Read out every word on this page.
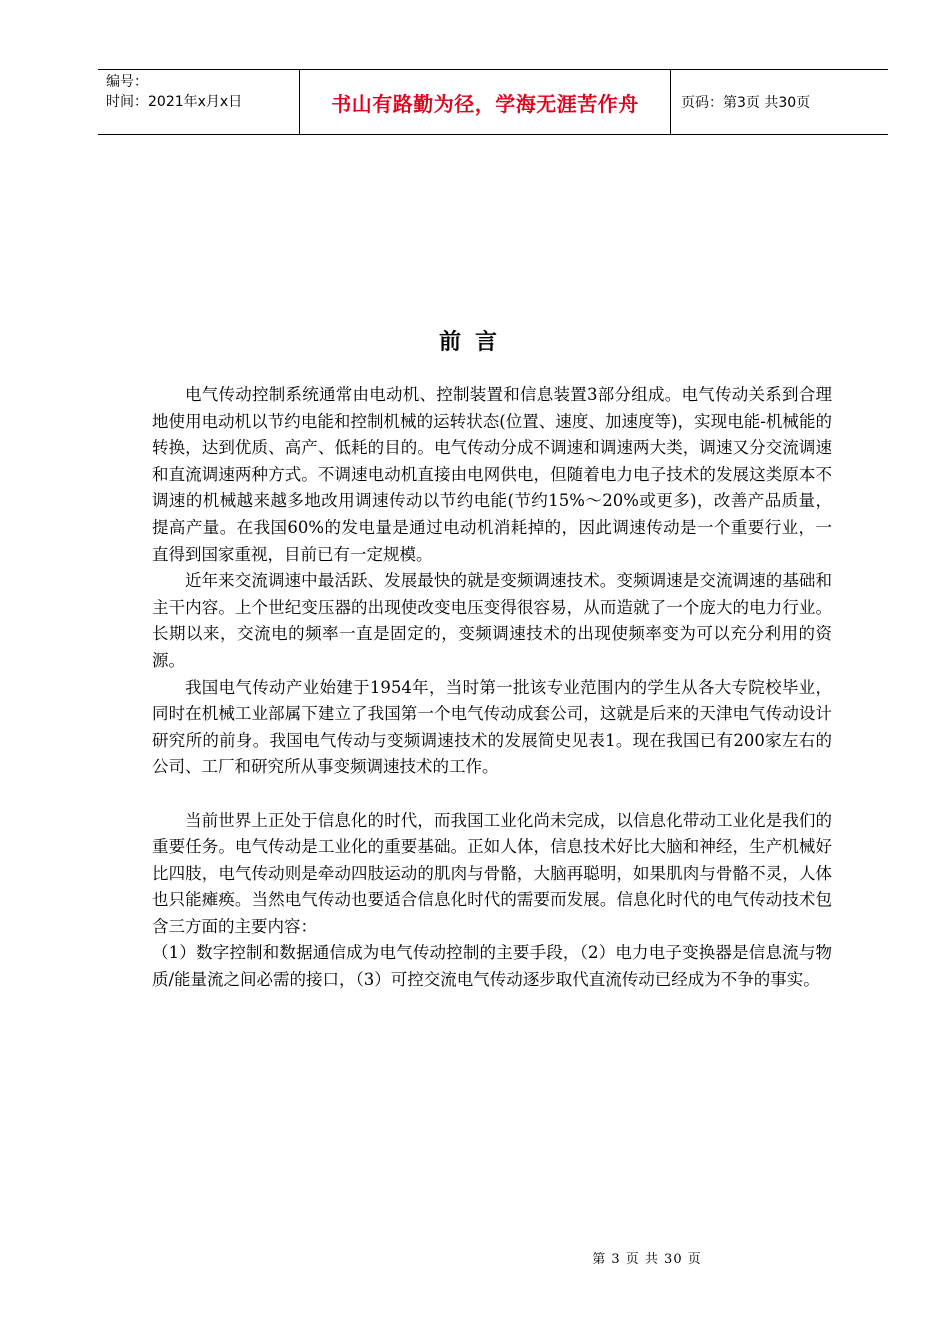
编号：
时间：2021年x月x日	书山有路勤为径，学海无涯苦作舟	页码：第3页 共30页
前言

电气传动控制系统通常由电动机、控制装置和信息装置3部分组成。电气传动关系到合理地使用电动机以节约电能和控制机械的运转状态(位置、速度、加速度等)，实现电能-机械能的转换，达到优质、高产、低耗的目的。电气传动分成不调速和调速两大类，调速又分交流调速和直流调速两种方式。不调速电动机直接由电网供电，但随着电力电子技术的发展这类原本不调速的机械越来越多地改用调速传动以节约电能(节约15%～20%或更多)，改善产品质量，提高产量。在我国60%的发电量是通过电动机消耗掉的，因此调速传动是一个重要行业，一直得到国家重视，目前已有一定规模。

近年来交流调速中最活跃、发展最快的就是变频调速技术。变频调速是交流调速的基础和主干内容。上个世纪变压器的出现使改变电压变得很容易，从而造就了一个庞大的电力行业。长期以来，交流电的频率一直是固定的，变频调速技术的出现使频率变为可以充分利用的资源。

我国电气传动产业始建于1954年，当时第一批该专业范围内的学生从各大专院校毕业，同时在机械工业部属下建立了我国第一个电气传动成套公司，这就是后来的天津电气传动设计研究所的前身。我国电气传动与变频调速技术的发展简史见表1。现在我国已有200家左右的公司、工厂和研究所从事变频调速技术的工作。

当前世界上正处于信息化的时代，而我国工业化尚未完成，以信息化带动工业化是我们的重要任务。电气传动是工业化的重要基础。正如人体，信息技术好比大脑和神经，生产机械好比四肢，电气传动则是牵动四肢运动的肌肉与骨骼，大脑再聪明，如果肌肉与骨骼不灵，人体也只能瘫痪。当然电气传动也要适合信息化时代的需要而发展。信息化时代的电气传动技术包含三方面的主要内容：

（1）数字控制和数据通信成为电气传动控制的主要手段，（2）电力电子变换器是信息流与物质/能量流之间必需的接口，（3）可控交流电气传动逐步取代直流传动已经成为不争的事实。

第 3 页 共 30 页
